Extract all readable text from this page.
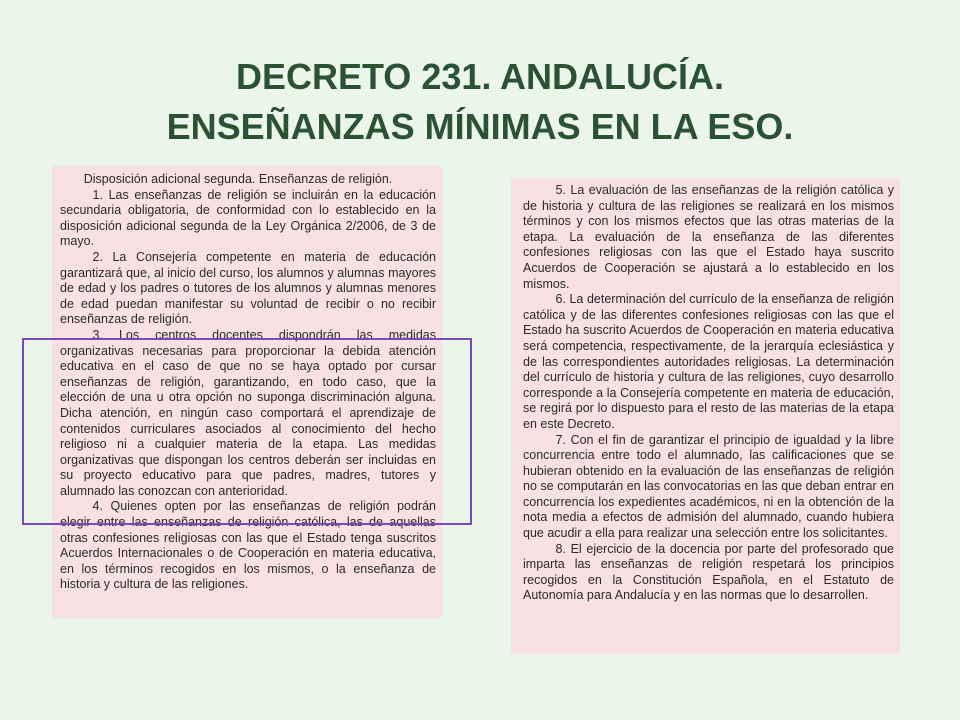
DECRETO 231. ANDALUCÍA.
ENSEÑANZAS MÍNIMAS EN LA ESO.

Disposición adicional segunda. Enseñanzas de religión.

1. Las enseñanzas de religión se incluirán en la educación secundaria obligatoria, de conformidad con lo establecido en la disposición adicional segunda de la Ley Orgánica 2/2006, de 3 de mayo.

2. La Consejería competente en materia de educación garantizará que, al inicio del curso, los alumnos y alumnas mayores de edad y los padres o tutores de los alumnos y alumnas menores de edad puedan manifestar su voluntad de recibir o no recibir enseñanzas de religión.

3. Los centros docentes dispondrán las medidas organizativas necesarias para proporcionar la debida atención educativa en el caso de que no se haya optado por cursar enseñanzas de religión, garantizando, en todo caso, que la elección de una u otra opción no suponga discriminación alguna. Dicha atención, en ningún caso comportará el aprendizaje de contenidos curriculares asociados al conocimiento del hecho religioso ni a cualquier materia de la etapa. Las medidas organizativas que dispongan los centros deberán ser incluidas en su proyecto educativo para que padres, madres, tutores y alumnado las conozcan con anterioridad.

4. Quienes opten por las enseñanzas de religión podrán elegir entre las enseñanzas de religión católica, las de aquellas otras confesiones religiosas con las que el Estado tenga suscritos Acuerdos Internacionales o de Cooperación en materia educativa, en los términos recogidos en los mismos, o la enseñanza de historia y cultura de las religiones.

5. La evaluación de las enseñanzas de la religión católica y de historia y cultura de las religiones se realizará en los mismos términos y con los mismos efectos que las otras materias de la etapa. La evaluación de la enseñanza de las diferentes confesiones religiosas con las que el Estado haya suscrito Acuerdos de Cooperación se ajustará a lo establecido en los mismos.

6. La determinación del currículo de la enseñanza de religión católica y de las diferentes confesiones religiosas con las que el Estado ha suscrito Acuerdos de Cooperación en materia educativa será competencia, respectivamente, de la jerarquía eclesiástica y de las correspondientes autoridades religiosas. La determinación del currículo de historia y cultura de las religiones, cuyo desarrollo corresponde a la Consejería competente en materia de educación, se regirá por lo dispuesto para el resto de las materias de la etapa en este Decreto.

7. Con el fin de garantizar el principio de igualdad y la libre concurrencia entre todo el alumnado, las calificaciones que se hubieran obtenido en la evaluación de las enseñanzas de religión no se computarán en las convocatorias en las que deban entrar en concurrencia los expedientes académicos, ni en la obtención de la nota media a efectos de admisión del alumnado, cuando hubiera que acudir a ella para realizar una selección entre los solicitantes.

8. El ejercicio de la docencia por parte del profesorado que imparta las enseñanzas de religión respetará los principios recogidos en la Constitución Española, en el Estatuto de Autonomía para Andalucía y en las normas que lo desarrollen.
